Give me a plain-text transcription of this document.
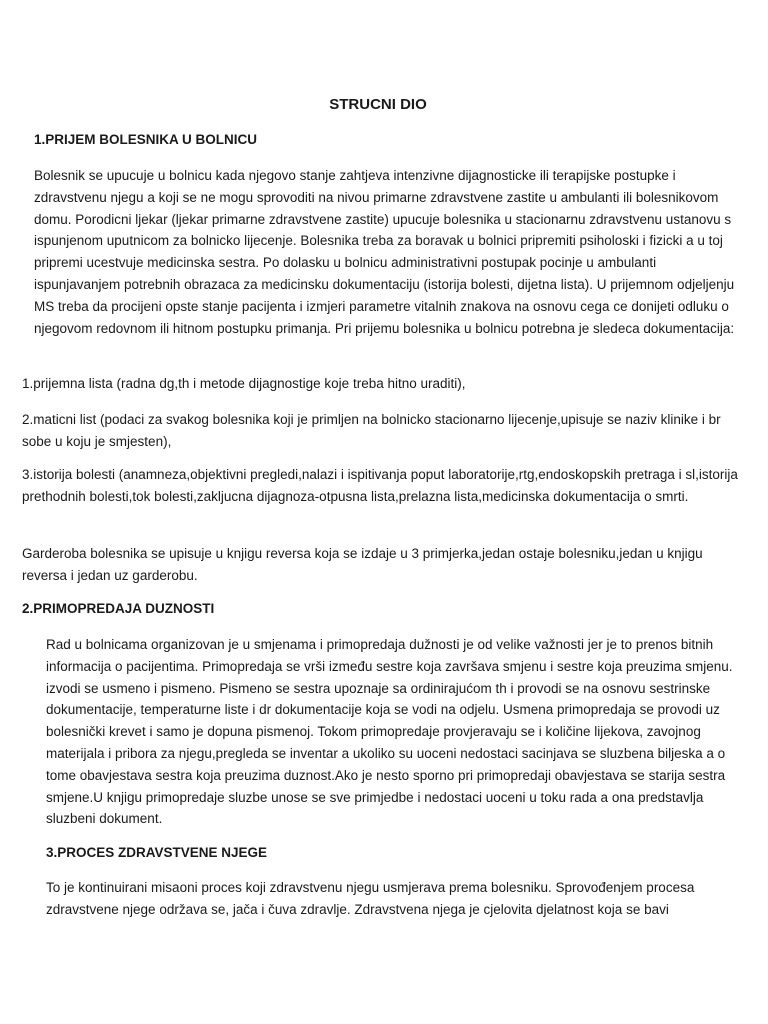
STRUCNI DIO
1.PRIJEM BOLESNIKA U BOLNICU

Bolesnik se upucuje u bolnicu kada njegovo stanje zahtjeva intenzivne dijagnosticke ili terapijske postupke i zdravstvenu njegu a koji se ne mogu sprovoditi na nivou primarne zdravstvene zastite u ambulanti ili bolesnikovom domu. Porodicni ljekar (ljekar primarne zdravstvene zastite) upucuje bolesnika u stacionarnu zdravstvenu ustanovu s ispunjenom uputnicom za bolnicko lijecenje. Bolesnika treba za boravak u bolnici pripremiti psiholoski i fizicki a u toj pripremi ucestvuje medicinska sestra. Po dolasku u bolnicu administrativni postupak pocinje u ambulanti ispunjavanjem potrebnih obrazaca za medicinsku dokumentaciju (istorija bolesti, dijetna lista). U prijemnom odjeljenju MS treba da procijeni opste stanje pacijenta i izmjeri parametre vitalnih znakova na osnovu cega ce donijeti odluku o njegovom redovnom ili hitnom postupku primanja. Pri prijemu bolesnika u bolnicu potrebna je sledeca dokumentacija:

1.prijemna lista (radna dg,th i metode dijagnostige koje treba hitno uraditi),

2.maticni list (podaci za svakog bolesnika koji je primljen na bolnicko stacionarno lijecenje,upisuje se naziv klinike i br sobe u koju je smjesten),

3.istorija bolesti (anamneza,objektivni pregledi,nalazi i ispitivanja poput laboratorije,rtg,endoskopskih pretraga i sl,istorija prethodnih bolesti,tok bolesti,zakljucna dijagnoza-otpusna lista,prelazna lista,medicinska dokumentacija o smrti.

Garderoba bolesnika se upisuje u knjigu reversa koja se izdaje u 3 primjerka,jedan ostaje bolesniku,jedan u knjigu reversa i jedan uz garderobu.

2.PRIMOPREDAJA DUZNOSTI

Rad u bolnicama organizovan je u smjenama i primopredaja dužnosti je od velike važnosti jer je to prenos bitnih informacija o pacijentima. Primopredaja se vrši između sestre koja završava smjenu i sestre koja preuzima smjenu. izvodi se usmeno i pismeno. Pismeno se sestra upoznaje sa ordinirajućom th i provodi se na osnovu sestrinske dokumentacije, temperaturne liste i dr dokumentacije koja se vodi na odjelu. Usmena primopredaja se provodi uz bolesnički krevet i samo je dopuna pismenoj. Tokom primopredaje provjeravaju se i količine lijekova, zavojnog materijala i pribora za njegu,pregleda se inventar a ukoliko su uoceni nedostaci sacinjava se sluzbena biljeska a o tome obavjestava sestra koja preuzima duznost.Ako je nesto sporno pri primopredaji obavjestava se starija sestra smjene.U knjigu primopredaje sluzbe unose se sve primjedbe i nedostaci uoceni u toku rada a ona predstavlja sluzbeni dokument.

3.PROCES ZDRAVSTVENE NJEGE

To je kontinuirani misaoni proces koji zdravstvenu njegu usmjerava prema bolesniku. Sprovođenjem procesa zdravstvene njege održava se, jača i čuva zdravlje. Zdravstvena njega je cjelovita djelatnost koja se bavi
